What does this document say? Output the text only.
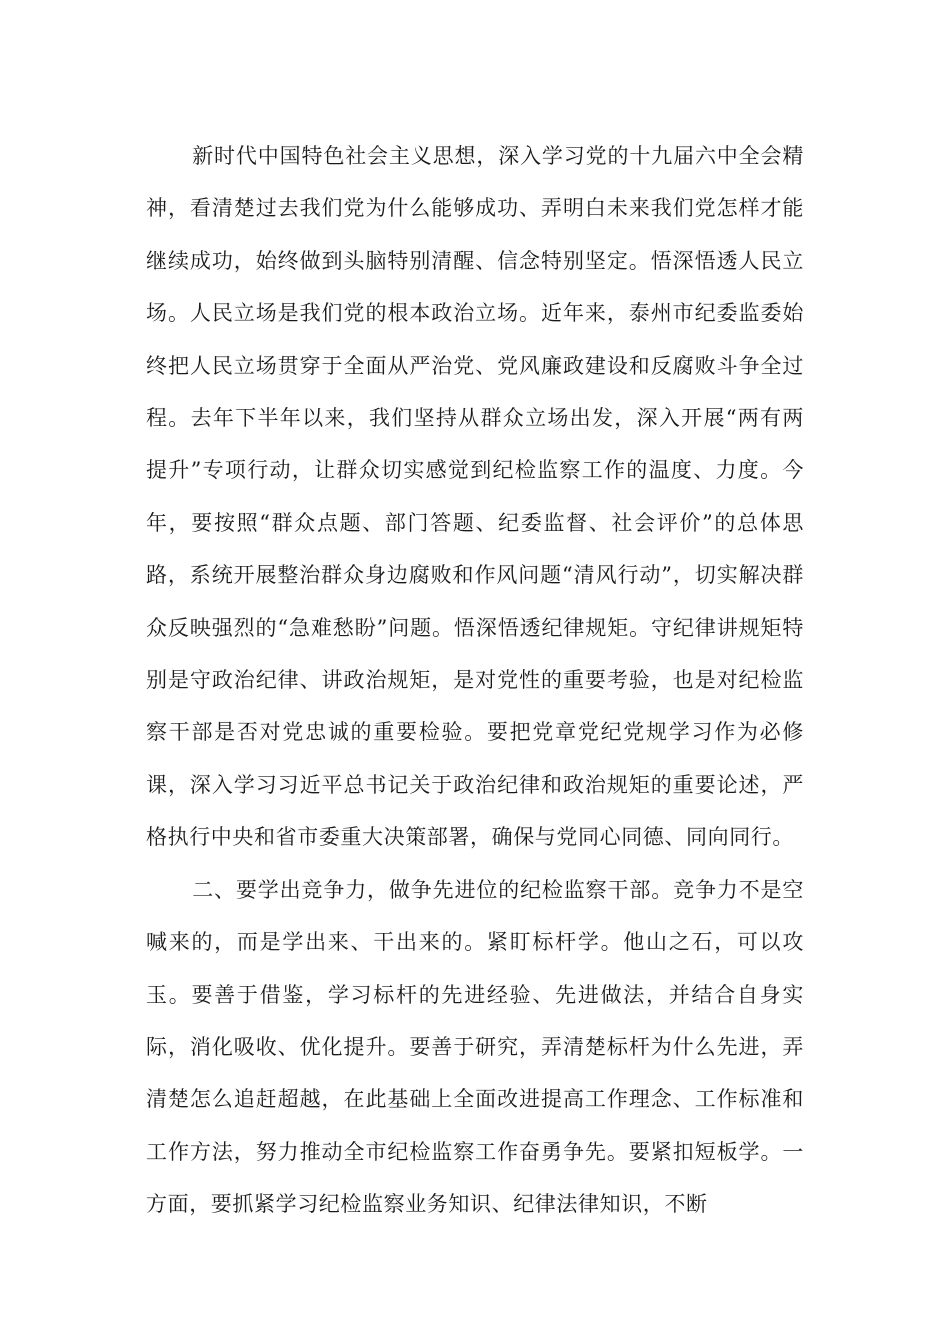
新时代中国特色社会主义思想，深入学习党的十九届六中全会精神，看清楚过去我们党为什么能够成功、弄明白未来我们党怎样才能继续成功，始终做到头脑特别清醒、信念特别坚定。悟深悟透人民立场。人民立场是我们党的根本政治立场。近年来，泰州市纪委监委始终把人民立场贯穿于全面从严治党、党风廉政建设和反腐败斗争全过程。去年下半年以来，我们坚持从群众立场出发，深入开展“两有两提升”专项行动，让群众切实感觉到纪检监察工作的温度、力度。今年，要按照“群众点题、部门答题、纪委监督、社会评价”的总体思路，系统开展整治群众身边腐败和作风问题“清风行动”，切实解决群众反映强烈的“急难愁盼”问题。悟深悟透纪律规矩。守纪律讲规矩特别是守政治纪律、讲政治规矩，是对党性的重要考验，也是对纪检监察干部是否对党忠诚的重要检验。要把党章党纪党规学习作为必修课，深入学习习近平总书记关于政治纪律和政治规矩的重要论述，严格执行中央和省市委重大决策部署，确保与党同心同德、同向同行。

二、要学出竞争力，做争先进位的纪检监察干部。竞争力不是空喊来的，而是学出来、干出来的。紧盯标杆学。他山之石，可以攻玉。要善于借鉴，学习标杆的先进经验、先进做法，并结合自身实际，消化吸收、优化提升。要善于研究，弄清楚标杆为什么先进，弄清楚怎么追赶超越，在此基础上全面改进提高工作理念、工作标准和工作方法，努力推动全市纪检监察工作奋勇争先。要紧扣短板学。一方面，要抓紧学习纪检监察业务知识、纪律法律知识，不断
